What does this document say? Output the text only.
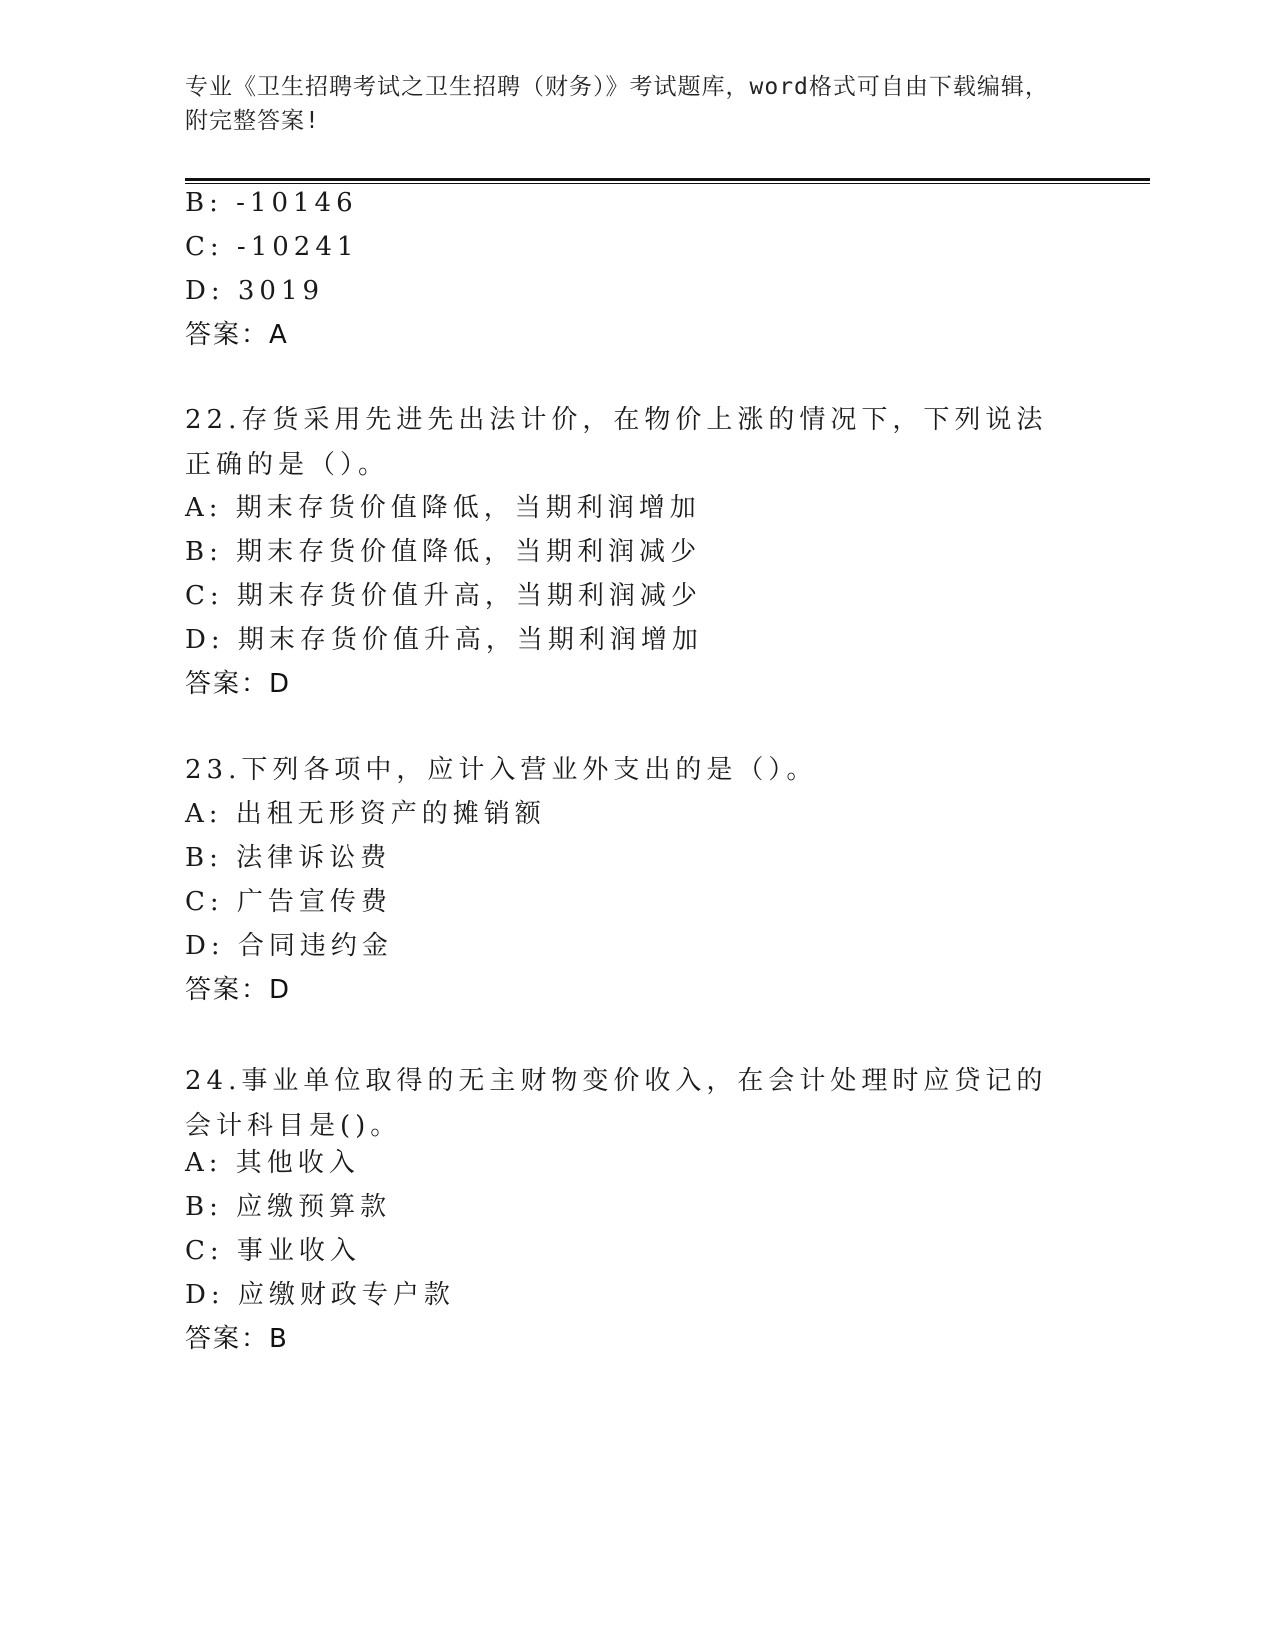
专业《卫生招聘考试之卫生招聘（财务）》考试题库，word格式可自由下载编辑，附完整答案!
B: -10146
C: -10241
D: 3019
答案：A
22.存货采用先进先出法计价，在物价上涨的情况下，下列说法正确的是（）。
A: 期末存货价值降低，当期利润增加
B: 期末存货价值降低，当期利润减少
C: 期末存货价值升高，当期利润减少
D: 期末存货价值升高，当期利润增加
答案：D
23.下列各项中，应计入营业外支出的是（）。
A: 出租无形资产的摊销额
B: 法律诉讼费
C: 广告宣传费
D: 合同违约金
答案：D
24.事业单位取得的无主财物变价收入，在会计处理时应贷记的会计科目是()。
A: 其他收入
B: 应缴预算款
C: 事业收入
D: 应缴财政专户款
答案：B
